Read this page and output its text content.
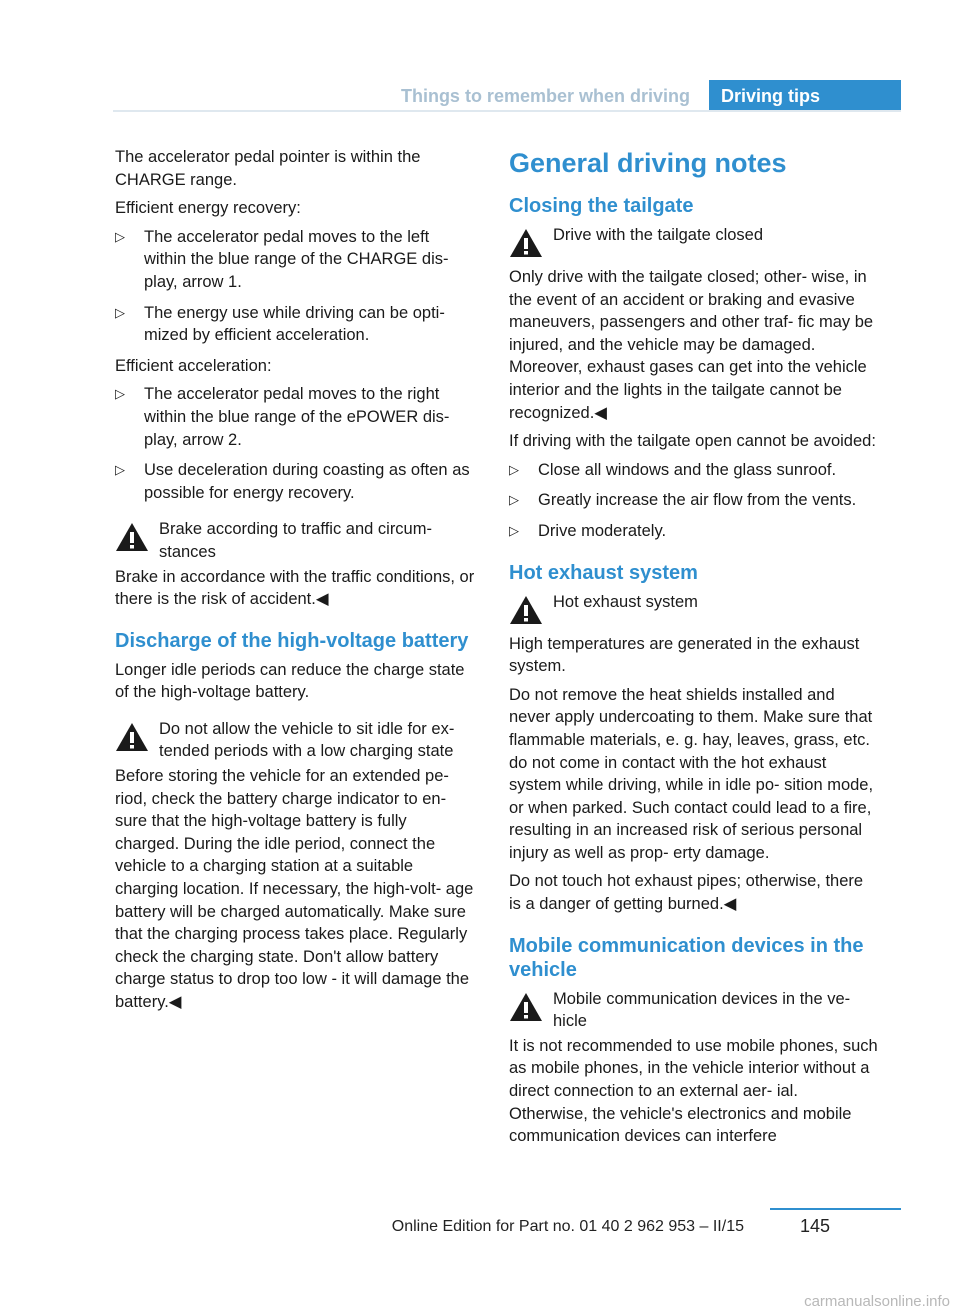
Things to remember when driving	Driving tips

The accelerator pedal pointer is within the CHARGE range.

Efficient energy recovery:

▷ The accelerator pedal moves to the left within the blue range of the CHARGE dis‐ play, arrow 1.
▷ The energy use while driving can be opti‐ mized by efficient acceleration.

Efficient acceleration:

▷ The accelerator pedal moves to the right within the blue range of the ePOWER dis‐ play, arrow 2.
▷ Use deceleration during coasting as often as possible for energy recovery.
Brake according to traffic and circum‐ stances

Brake in accordance with the traffic conditions, or there is the risk of accident.◀

Discharge of the high-voltage battery

Longer idle periods can reduce the charge state of the high-voltage battery.

Do not allow the vehicle to sit idle for ex‐ tended periods with a low charging state

Before storing the vehicle for an extended pe‐ riod, check the battery charge indicator to en‐ sure that the high-voltage battery is fully charged. During the idle period, connect the vehicle to a charging station at a suitable charging location. If necessary, the high-volt‐ age battery will be charged automatically. Make sure that the charging process takes place. Regularly check the charging state. Don't allow battery charge status to drop too low - it will damage the battery.◀

General driving notes
Closing the tailgate
Drive with the tailgate closed

Only drive with the tailgate closed; other‐ wise, in the event of an accident or braking and evasive maneuvers, passengers and other traf‐ fic may be injured, and the vehicle may be damaged. Moreover, exhaust gases can get into the vehicle interior and the lights in the tailgate cannot be recognized.◀

If driving with the tailgate open cannot be avoided:

▷ Close all windows and the glass sunroof.
▷ Greatly increase the air flow from the vents.
▷ Drive moderately.
Hot exhaust system
Hot exhaust system

High temperatures are generated in the exhaust system.

Do not remove the heat shields installed and never apply undercoating to them. Make sure that flammable materials, e. g. hay, leaves, grass, etc. do not come in contact with the hot exhaust system while driving, while in idle po‐ sition mode, or when parked. Such contact could lead to a fire, resulting in an increased risk of serious personal injury as well as prop‐ erty damage.

Do not touch hot exhaust pipes; otherwise, there is a danger of getting burned.◀

Mobile communication devices in the vehicle
Mobile communication devices in the ve‐ hicle

It is not recommended to use mobile phones, such as mobile phones, in the vehicle interior without a direct connection to an external aer‐ ial. Otherwise, the vehicle's electronics and mobile communication devices can interfere

Online Edition for Part no. 01 40 2 962 953 – II/15	145
carmanualsonline.info
